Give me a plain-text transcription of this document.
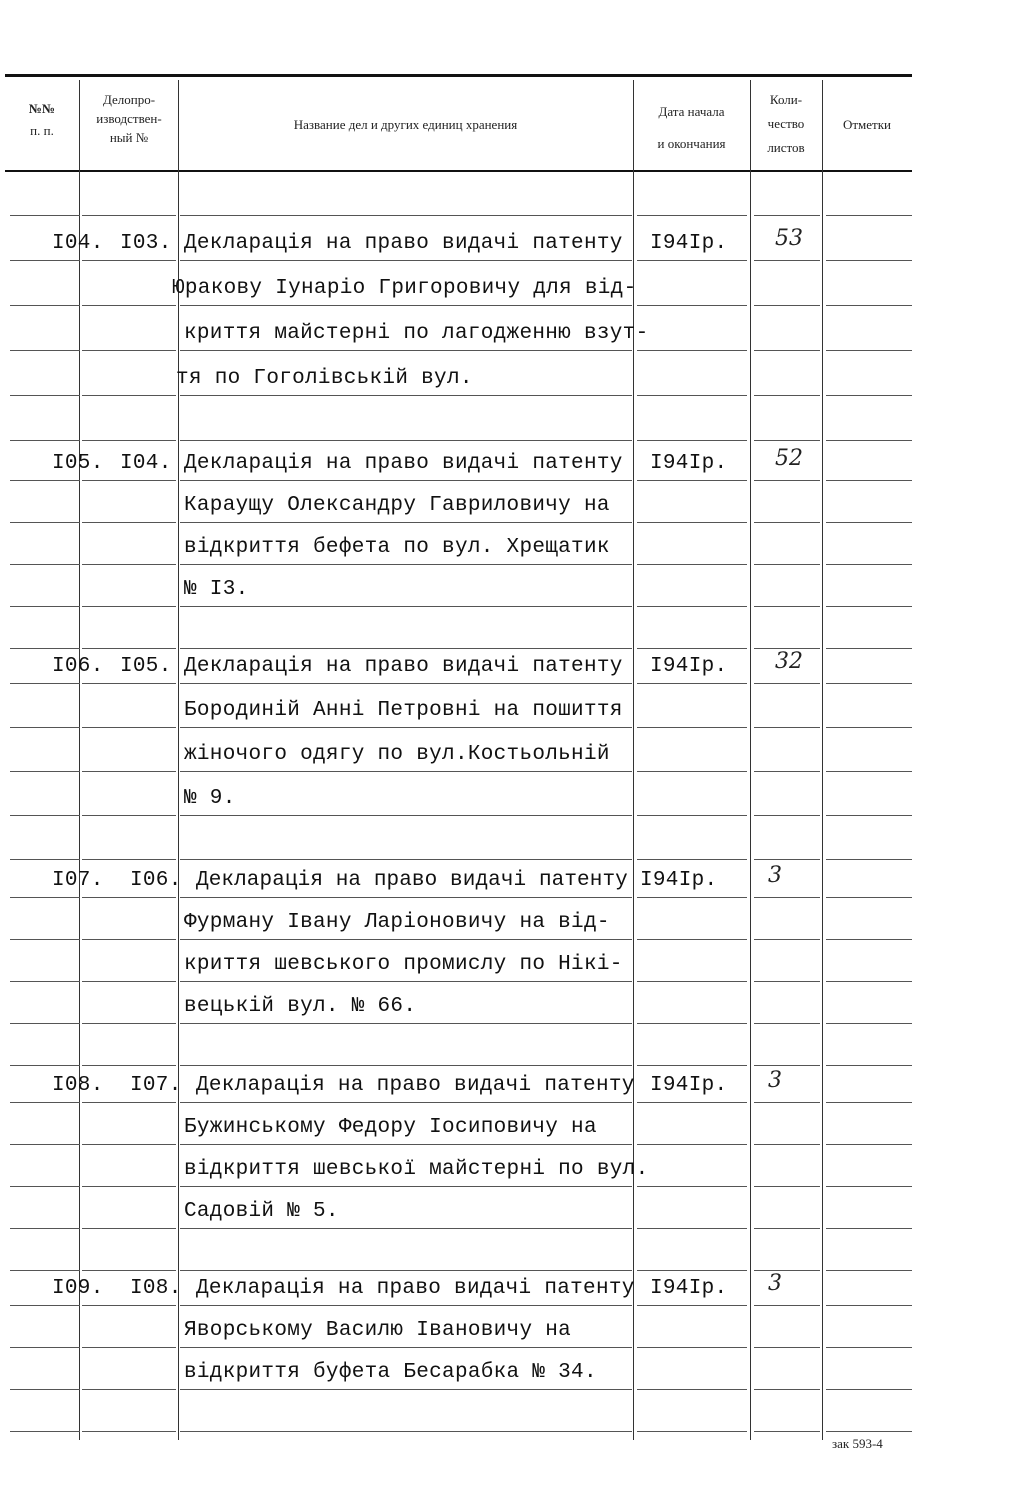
№№
п. п.
Делопро-
изводствен-
ный №
Название дел и других единиц хранения
Дата начала
и окончания
Коли-
чество
листов
Отметки
I04. I03. Декларація на право видачі патенту
Юракову Iунаріо Григоровичу для від-
криття майстерні по лагодженню взут-
тя по Гоголівській вул.
I94Iр. 53
I05. I04. Декларація на право видачі патенту
Караущу Олександру Гавриловичу на
відкриття бефета по вул. Хрещатик
№ I3.
I94Iр. 52
I06. I05. Декларація на право видачі патенту
Бородиній Анні Петровні на пошиття
жіночого одягу по вул.Костьольній
№ 9.
I94Iр. 32
I07. I06. Декларація на право видачі патенту
Фурману Івану Ларіоновичу на від-
криття шевського промислу по Нікі-
вецькій вул. № 66.
I94Iр. 3
I08. I07. Декларація на право видачі патенту
Бужинському Федору Іосиповичу на
відкриття шевської майстерні по вул.
Садовій № 5.
I94Iр. 3
I09. I08. Декларація на право видачі патенту
Яворському Василю Івановичу на
відкриття буфета Бесарабка № 34.
I94Iр. 3
зак 593-4
